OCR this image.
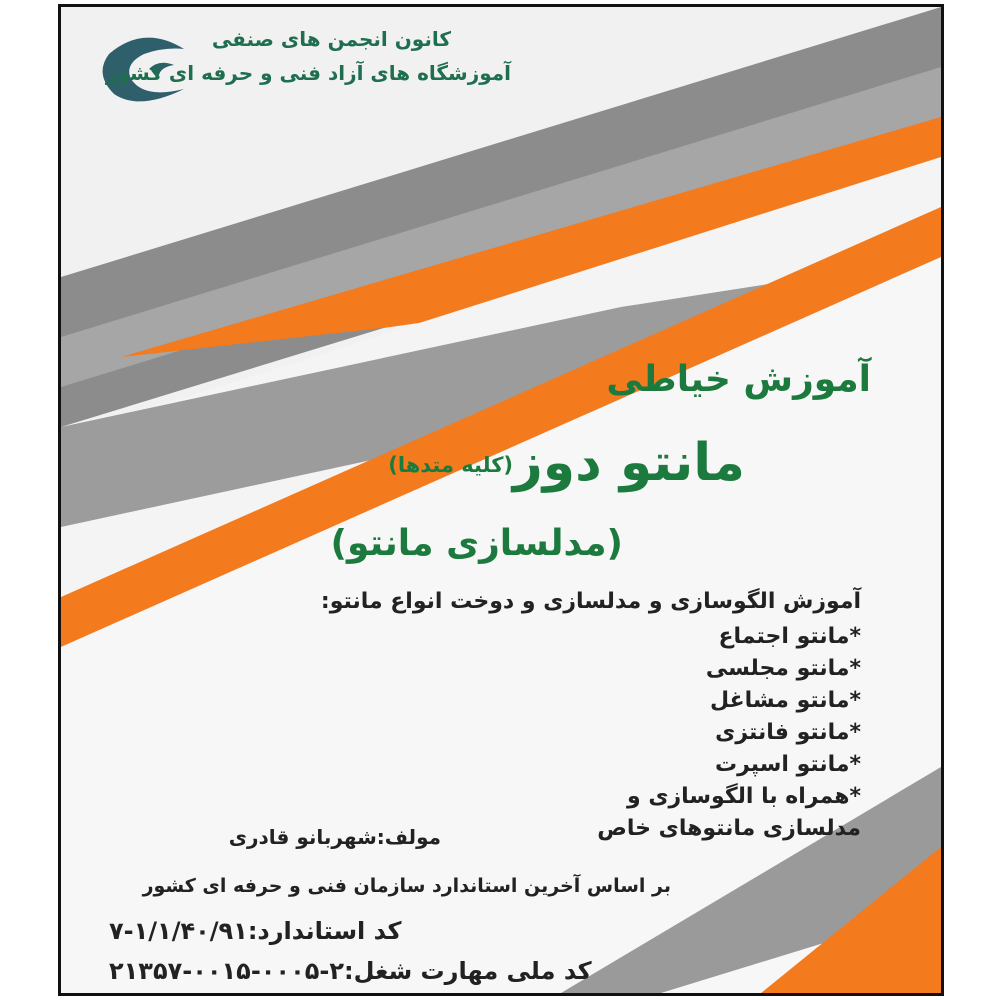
کانون انجمن های صنفی
آموزشگاه های آزاد فنی و حرفه ای کشور
آموزش خیاطی
مانتو دوز
(کلیه متدها)
(مدلسازی مانتو)
آموزش الگوسازی و مدلسازی و دوخت انواع مانتو:
*مانتو اجتماع
*مانتو مجلسی
*مانتو مشاغل
*مانتو فانتزی
*مانتو اسپرت
*همراه با الگوسازی و
مدلسازی مانتوهای خاص
مولف:شهربانو قادری
بر اساس آخرین استاندارد سازمان فنی و حرفه ای کشور
کد استاندارد:۱/۱/۴۰/۹۱-۷
کد ملی مهارت شغل:۲-۰۰۰۵-۰۰۱۵-۲۱۳۵۷
